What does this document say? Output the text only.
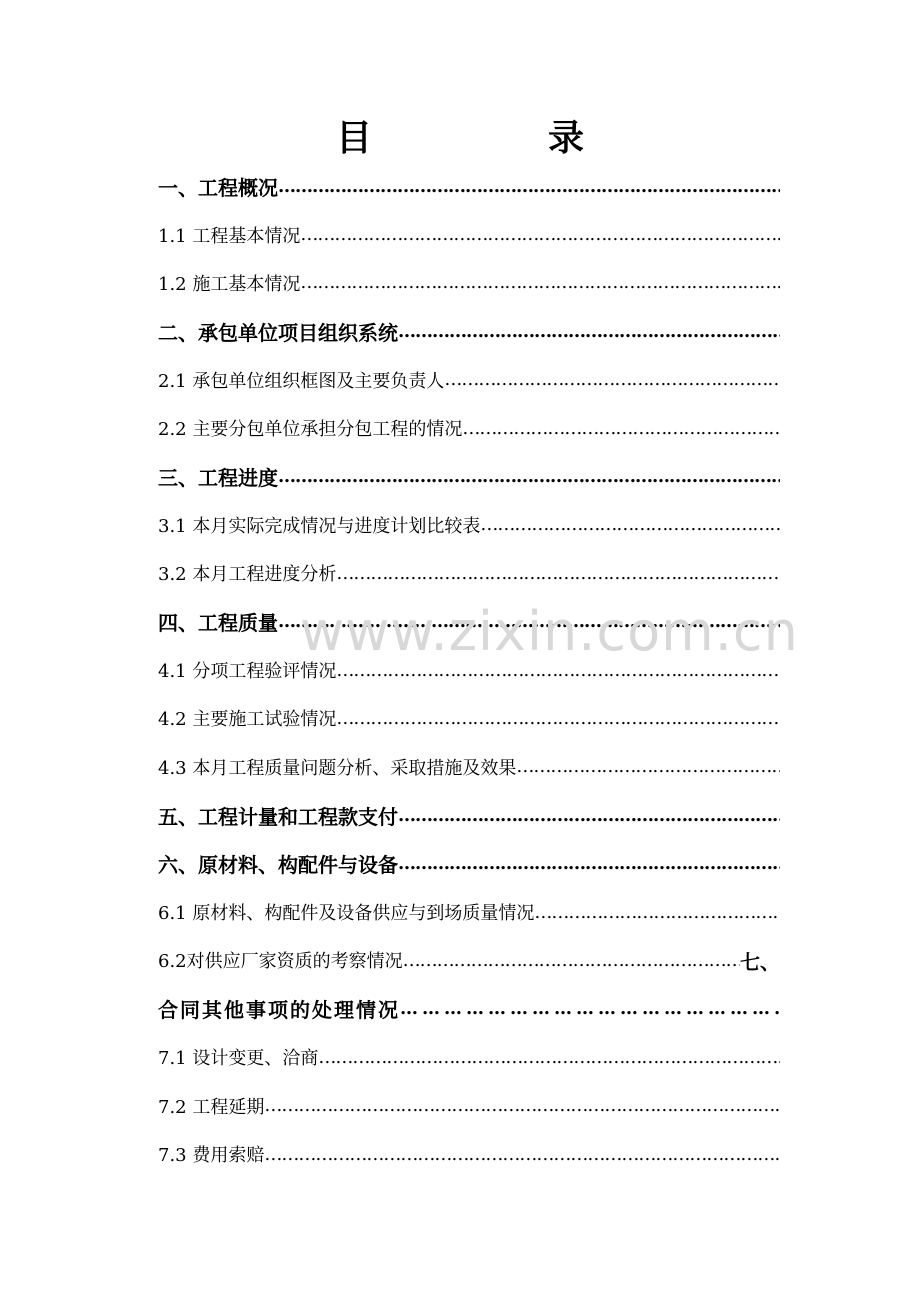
目　录
一、工程概况
……………………………………………………………………………………………………………………………………………………
1.1 工程基本情况
……………………………………………………………………………………………………………………………………………………
1.2 施工基本情况
……………………………………………………………………………………………………………………………………………………
二、承包单位项目组织系统
……………………………………………………………………………………………………………………………………………………
2.1 承包单位组织框图及主要负责人
……………………………………………………………………………………………………………………………………………………
2.2 主要分包单位承担分包工程的情况
……………………………………………………………………………………………………………………………………………………
三、工程进度
……………………………………………………………………………………………………………………………………………………
3.1 本月实际完成情况与进度计划比较表
……………………………………………………………………………………………………………………………………………………
3.2 本月工程进度分析
……………………………………………………………………………………………………………………………………………………
四、工程质量
……………………………………………………………………………………………………………………………………………………
4.1 分项工程验评情况
……………………………………………………………………………………………………………………………………………………
4.2 主要施工试验情况
……………………………………………………………………………………………………………………………………………………
4.3 本月工程质量问题分析、采取措施及效果
……………………………………………………………………………………………………………………………………………………
五、工程计量和工程款支付
……………………………………………………………………………………………………………………………………………………
六、原材料、构配件与设备
……………………………………………………………………………………………………………………………………………………
6.1 原材料、构配件及设备供应与到场质量情况
……………………………………………………………………………………………………………………………………………………
6.2对供应厂家资质的考察情况
……………………………………………………………………………………………………………………………………………………	七、
合同其他事项的处理情况
……………………………………………………………………………………………………………………………………………………
7.1 设计变更、洽商
……………………………………………………………………………………………………………………………………………………
7.2 工程延期
……………………………………………………………………………………………………………………………………………………
7.3 费用索赔
……………………………………………………………………………………………………………………………………………………
www.zixin.com.cn
